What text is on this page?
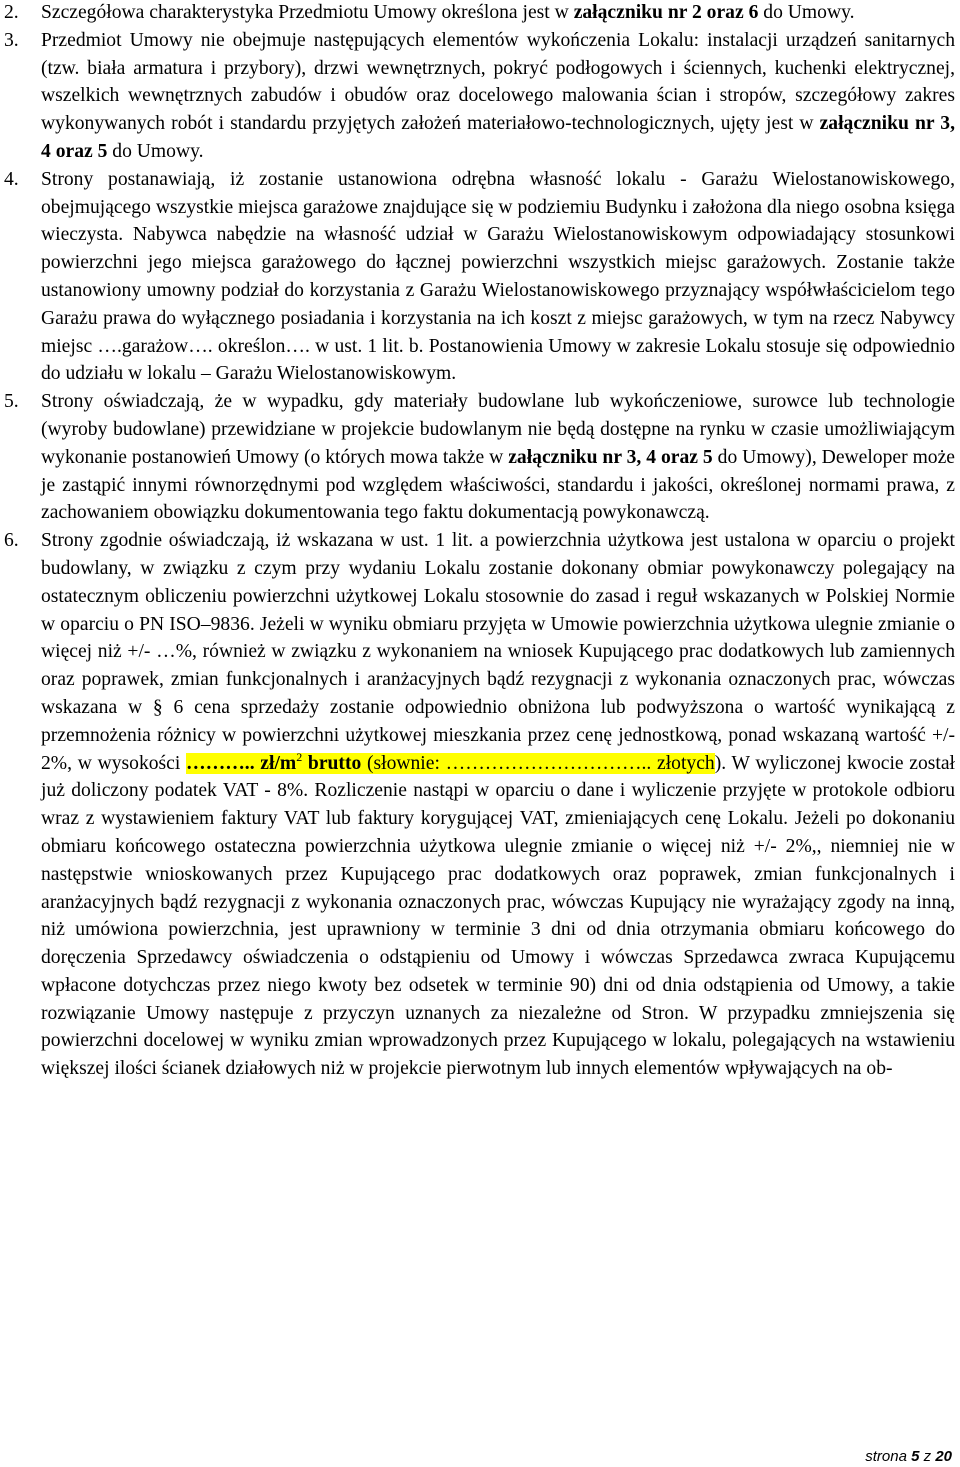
2. Szczegółowa charakterystyka Przedmiotu Umowy określona jest w załączniku nr 2 oraz 6 do Umowy.
3. Przedmiot Umowy nie obejmuje następujących elementów wykończenia Lokalu: instalacji urządzeń sanitarnych (tzw. biała armatura i przybory), drzwi wewnętrznych, pokryć podłogowych i ściennych, kuchenki elektrycznej, wszelkich wewnętrznych zabudów i obudów oraz docelowego malowania ścian i stropów, szczegółowy zakres wykonywanych robót i standardu przyjętych założeń materiałowo-technologicznych, ujęty jest w załączniku nr 3, 4 oraz 5 do Umowy.
4. Strony postanawiają, iż zostanie ustanowiona odrębna własność lokalu - Garażu Wielostanowiskowego, obejmującego wszystkie miejsca garażowe znajdujące się w podziemiu Budynku i założona dla niego osobna księga wieczysta. Nabywca nabędzie na własność udział w Garażu Wielostanowiskowym odpowiadający stosunkowi powierzchni jego miejsca garażowego do łącznej powierzchni wszystkich miejsc garażowych. Zostanie także ustanowiony umowny podział do korzystania z Garażu Wielostanowiskowego przyznający współwłaścicielom tego Garażu prawa do wyłącznego posiadania i korzystania na ich koszt z miejsc garażowych, w tym na rzecz Nabywcy miejsc ….garażow…. określon…. w ust. 1 lit. b. Postanowienia Umowy w zakresie Lokalu stosuje się odpowiednio do udziału w lokalu – Garażu Wielostanowiskowym.
5. Strony oświadczają, że w wypadku, gdy materiały budowlane lub wykończeniowe, surowce lub technologie (wyroby budowlane) przewidziane w projekcie budowlanym nie będą dostępne na rynku w czasie umożliwiającym wykonanie postanowień Umowy (o których mowa także w załączniku nr 3, 4 oraz 5 do Umowy), Deweloper może je zastąpić innymi równorzędnymi pod względem właściwości, standardu i jakości, określonej normami prawa, z zachowaniem obowiązku dokumentowania tego faktu dokumentacją powykonawczą.
6. Strony zgodnie oświadczają, iż wskazana w ust. 1 lit. a powierzchnia użytkowa jest ustalona w oparciu o projekt budowlany, w związku z czym przy wydaniu Lokalu zostanie dokonany obmiar powykonawczy polegający na ostatecznym obliczeniu powierzchni użytkowej Lokalu stosownie do zasad i reguł wskazanych w Polskiej Normie w oparciu o PN ISO–9836. Jeżeli w wyniku obmiaru przyjęta w Umowie powierzchnia użytkowa ulegnie zmianie o więcej niż +/- …%, również w związku z wykonaniem na wniosek Kupującego prac dodatkowych lub zamiennych oraz poprawek, zmian funkcjonalnych i aranżacyjnych bądź rezygnacji z wykonania oznaczonych prac, wówczas wskazana w § 6 cena sprzedaży zostanie odpowiednio obniżona lub podwyższona o wartość wynikającą z przemnożenia różnicy w powierzchni użytkowej mieszkania przez cenę jednostkową, ponad wskazaną wartość +/- 2%, w wysokości ……….. $zł/m^2$ brutto (słownie: ………………………….. złotych). W wyliczonej kwocie został już doliczony podatek VAT - 8%. Rozliczenie nastąpi w oparciu o dane i wyliczenie przyjęte w protokole odbioru wraz z wystawieniem faktury VAT lub faktury korygującej VAT, zmieniających cenę Lokalu. Jeżeli po dokonaniu obmiaru końcowego ostateczna powierzchnia użytkowa ulegnie zmianie o więcej niż +/- 2%,, niemniej nie w następstwie wnioskowanych przez Kupującego prac dodatkowych oraz poprawek, zmian funkcjonalnych i aranżacyjnych bądź rezygnacji z wykonania oznaczonych prac, wówczas Kupujący nie wyrażający zgody na inną, niż umówiona powierzchnia, jest uprawniony w terminie 3 dni od dnia otrzymania obmiaru końcowego do doręczenia Sprzedawcy oświadczenia o odstąpieniu od Umowy i wówczas Sprzedawca zwraca Kupującemu wpłacone dotychczas przez niego kwoty bez odsetek w terminie 90) dni od dnia odstąpienia od Umowy, a takie rozwiązanie Umowy następuje z przyczyn uznanych za niezależne od Stron. W przypadku zmniejszenia się powierzchni docelowej w wyniku zmian wprowadzonych przez Kupującego w lokalu, polegających na wstawieniu większej ilości ścianek działowych niż w projekcie pierwotnym lub innych elementów wpływających na ob-
strona 5 z 20
